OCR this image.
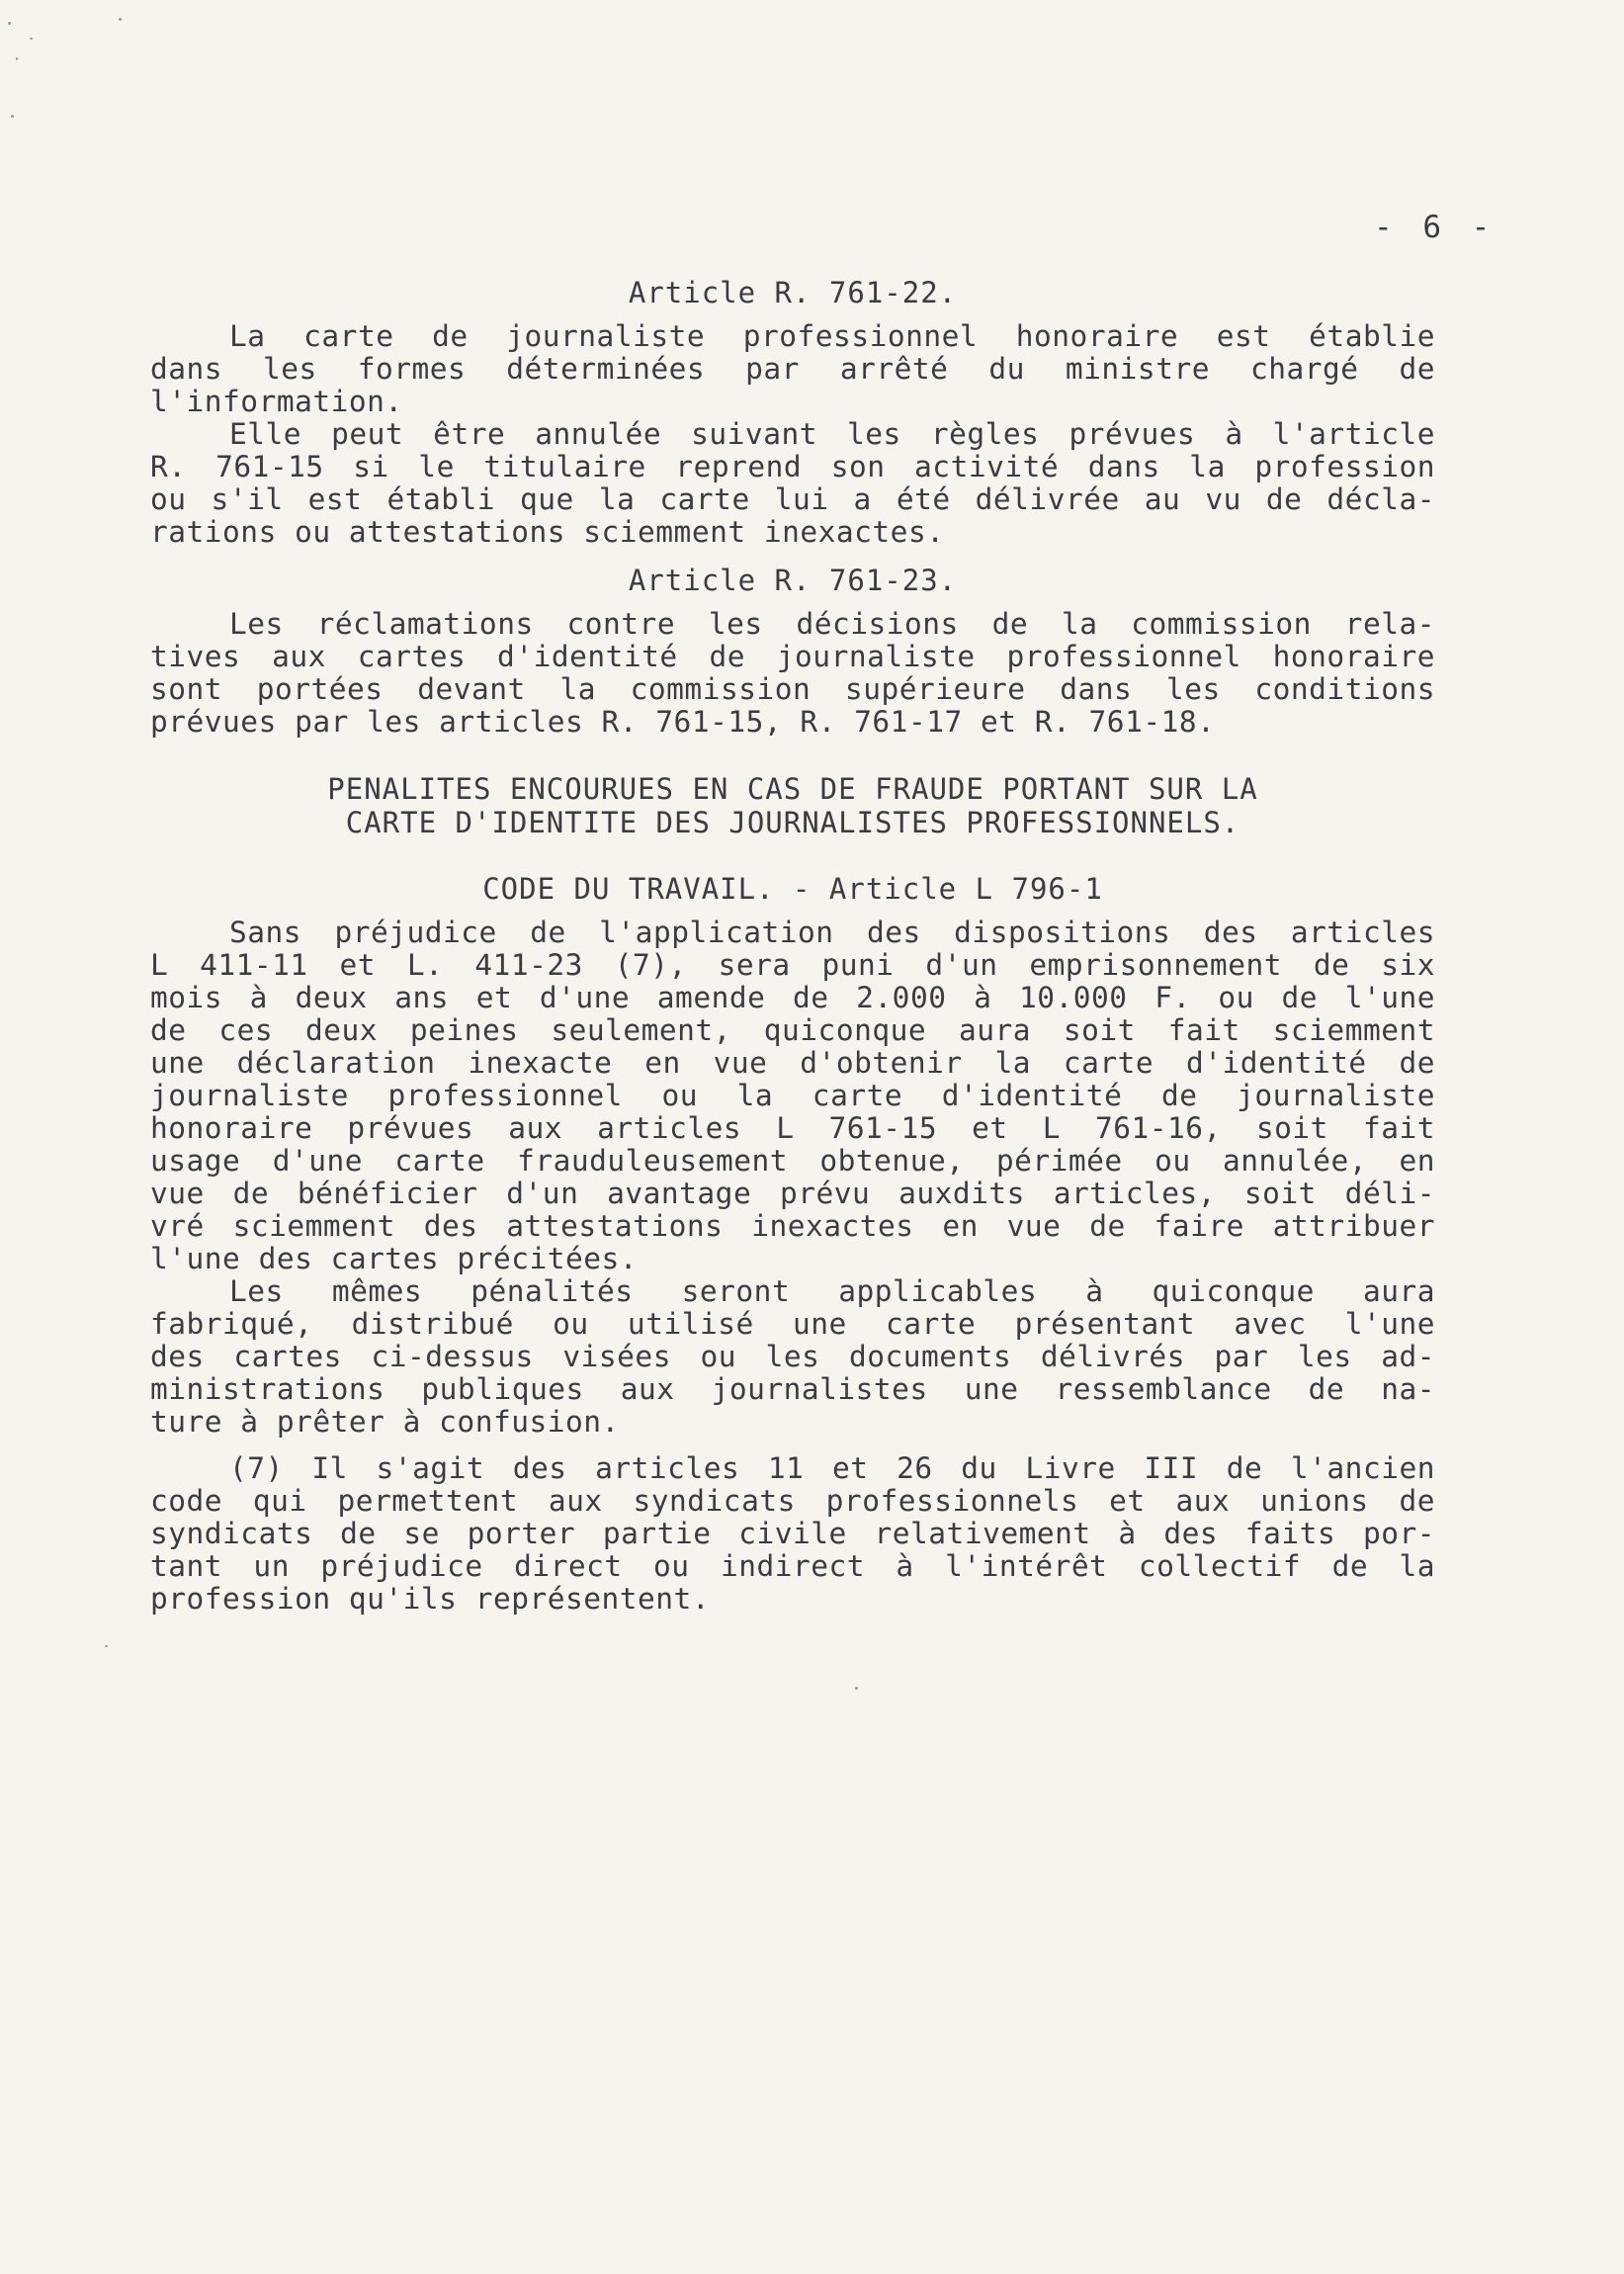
- 6 -
Article R. 761-22.
La carte de journaliste professionnel honoraire est établie
dans les formes déterminées par arrêté du ministre chargé de
l'information.
Elle peut être annulée suivant les règles prévues à l'article
R. 761-15 si le titulaire reprend son activité dans la profession
ou s'il est établi que la carte lui a été délivrée au vu de décla-
rations ou attestations sciemment inexactes.
Article R. 761-23.
Les réclamations contre les décisions de la commission rela-
tives aux cartes d'identité de journaliste professionnel honoraire
sont portées devant la commission supérieure dans les conditions
prévues par les articles R. 761-15, R. 761-17 et R. 761-18.
PENALITES ENCOURUES EN CAS DE FRAUDE PORTANT SUR LA
CARTE D'IDENTITE DES JOURNALISTES PROFESSIONNELS.
CODE DU TRAVAIL. - Article L 796-1
Sans préjudice de l'application des dispositions des articles
L 411-11 et L. 411-23 (7), sera puni d'un emprisonnement de six
mois à deux ans et d'une amende de 2.000 à 10.000 F. ou de l'une
de ces deux peines seulement, quiconque aura soit fait sciemment
une déclaration inexacte en vue d'obtenir la carte d'identité de
journaliste professionnel ou la carte d'identité de journaliste
honoraire prévues aux articles L 761-15 et L 761-16, soit fait
usage d'une carte frauduleusement obtenue, périmée ou annulée, en
vue de bénéficier d'un avantage prévu auxdits articles, soit déli-
vré sciemment des attestations inexactes en vue de faire attribuer
l'une des cartes précitées.
Les mêmes pénalités seront applicables à quiconque aura
fabriqué, distribué ou utilisé une carte présentant avec l'une
des cartes ci-dessus visées ou les documents délivrés par les ad-
ministrations publiques aux journalistes une ressemblance de na-
ture à prêter à confusion.
(7) Il s'agit des articles 11 et 26 du Livre III de l'ancien
code qui permettent aux syndicats professionnels et aux unions de
syndicats de se porter partie civile relativement à des faits por-
tant un préjudice direct ou indirect à l'intérêt collectif de la
profession qu'ils représentent.
